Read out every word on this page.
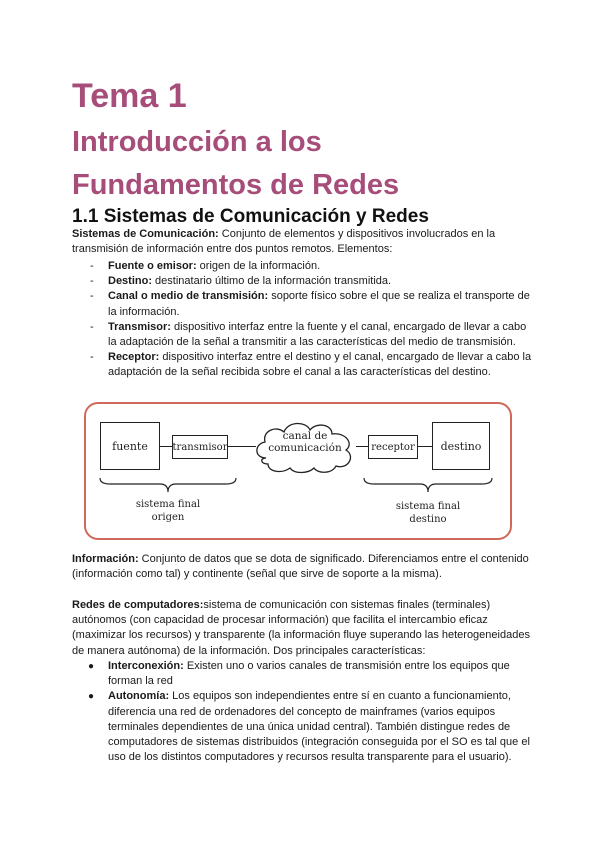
Tema 1
Introducción a los
Fundamentos de Redes
1.1 Sistemas de Comunicación y Redes

Sistemas de Comunicación: Conjunto de elementos y dispositivos involucrados en la transmisión de información entre dos puntos remotos. Elementos:

- Fuente o emisor: origen de la información.
- Destino: destinatario último de la información transmitida.
- Canal o medio de transmisión: soporte físico sobre el que se realiza el transporte de la información.
- Transmisor: dispositivo interfaz entre la fuente y el canal, encargado de llevar a cabo la adaptación de la señal a transmitir a las características del medio de transmisión.
- Receptor: dispositivo interfaz entre el destino y el canal, encargado de llevar a cabo la adaptación de la señal recibida sobre el canal a las características del destino.
fuente transmisor
canal de
comunicación	receptor destino
sistema final
origen
sistema final
destino

Información: Conjunto de datos que se dota de significado. Diferenciamos entre el contenido (información como tal) y continente (señal que sirve de soporte a la misma).

Redes de computadores:sistema de comunicación con sistemas finales (terminales) autónomos (con capacidad de procesar información) que facilita el intercambio eficaz (maximizar los recursos) y transparente (la información fluye superando las heterogeneidades de manera autónoma) de la información. Dos principales características:

● Interconexión: Existen uno o varios canales de transmisión entre los equipos que forman la red
● Autonomía: Los equipos son independientes entre sí en cuanto a funcionamiento, diferencia una red de ordenadores del concepto de mainframes (varios equipos terminales dependientes de una única unidad central). También distingue redes de computadores de sistemas distribuidos (integración conseguida por el SO es tal que el uso de los distintos computadores y recursos resulta transparente para el usuario).
